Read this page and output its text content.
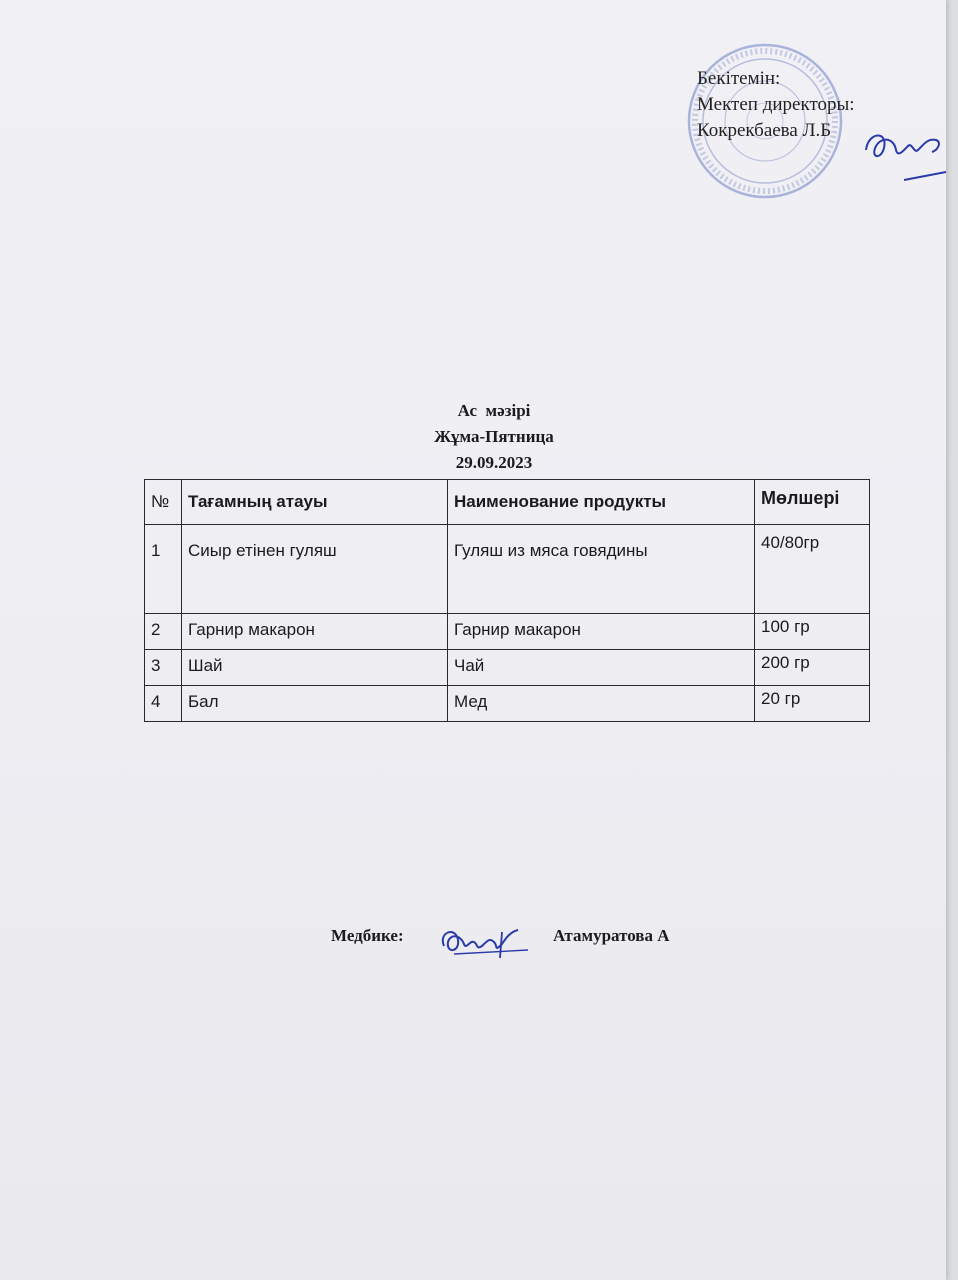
Бекітемін:
Мектеп директоры:
Кокрекбаева Л.Б
Ас  мәзірі
Жұма-Пятница
29.09.2023
№	Тағамның атауы	Наименование продукты	Мөлшері
1	Сиыр етінен гуляш	Гуляш из мяса говядины	40/80гр
2	Гарнир макарон	Гарнир макарон	100 гр
3	Шай	Чай	200 гр
4	Бал	Мед	20 гр
Медбике:	Атамуратова А
